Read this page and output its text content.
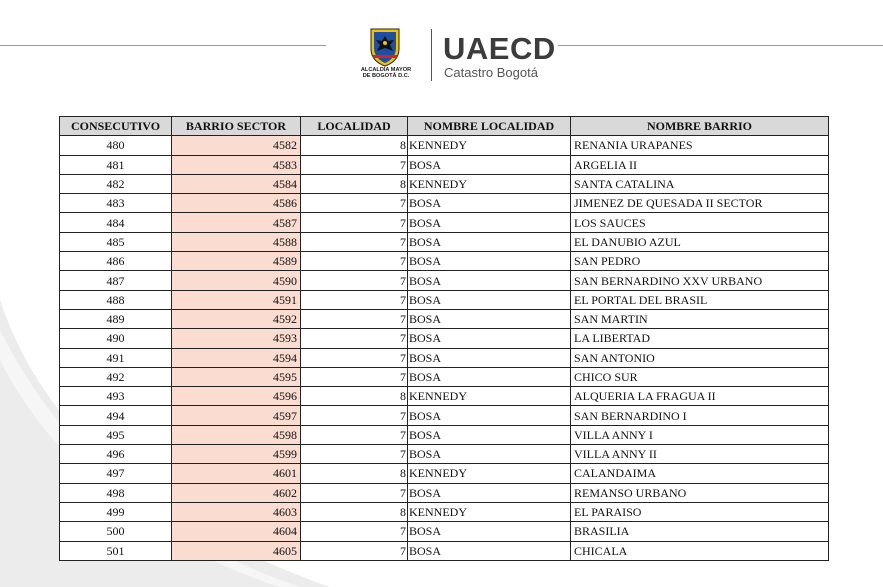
ALCALDÍA MAYOR
DE BOGOTÁ D.C.
UAECD
Catastro Bogotá
CONSECUTIVO	BARRIO SECTOR	LOCALIDAD	NOMBRE LOCALIDAD	NOMBRE BARRIO
480	4582	8	KENNEDY	RENANIA URAPANES
481	4583	7	BOSA	ARGELIA II
482	4584	8	KENNEDY	SANTA CATALINA
483	4586	7	BOSA	JIMENEZ DE QUESADA II SECTOR
484	4587	7	BOSA	LOS SAUCES
485	4588	7	BOSA	EL DANUBIO AZUL
486	4589	7	BOSA	SAN PEDRO
487	4590	7	BOSA	SAN BERNARDINO XXV URBANO
488	4591	7	BOSA	EL PORTAL DEL BRASIL
489	4592	7	BOSA	SAN MARTIN
490	4593	7	BOSA	LA LIBERTAD
491	4594	7	BOSA	SAN ANTONIO
492	4595	7	BOSA	CHICO SUR
493	4596	8	KENNEDY	ALQUERIA LA FRAGUA II
494	4597	7	BOSA	SAN BERNARDINO I
495	4598	7	BOSA	VILLA ANNY I
496	4599	7	BOSA	VILLA ANNY II
497	4601	8	KENNEDY	CALANDAIMA
498	4602	7	BOSA	REMANSO URBANO
499	4603	8	KENNEDY	EL PARAISO
500	4604	7	BOSA	BRASILIA
501	4605	7	BOSA	CHICALA
